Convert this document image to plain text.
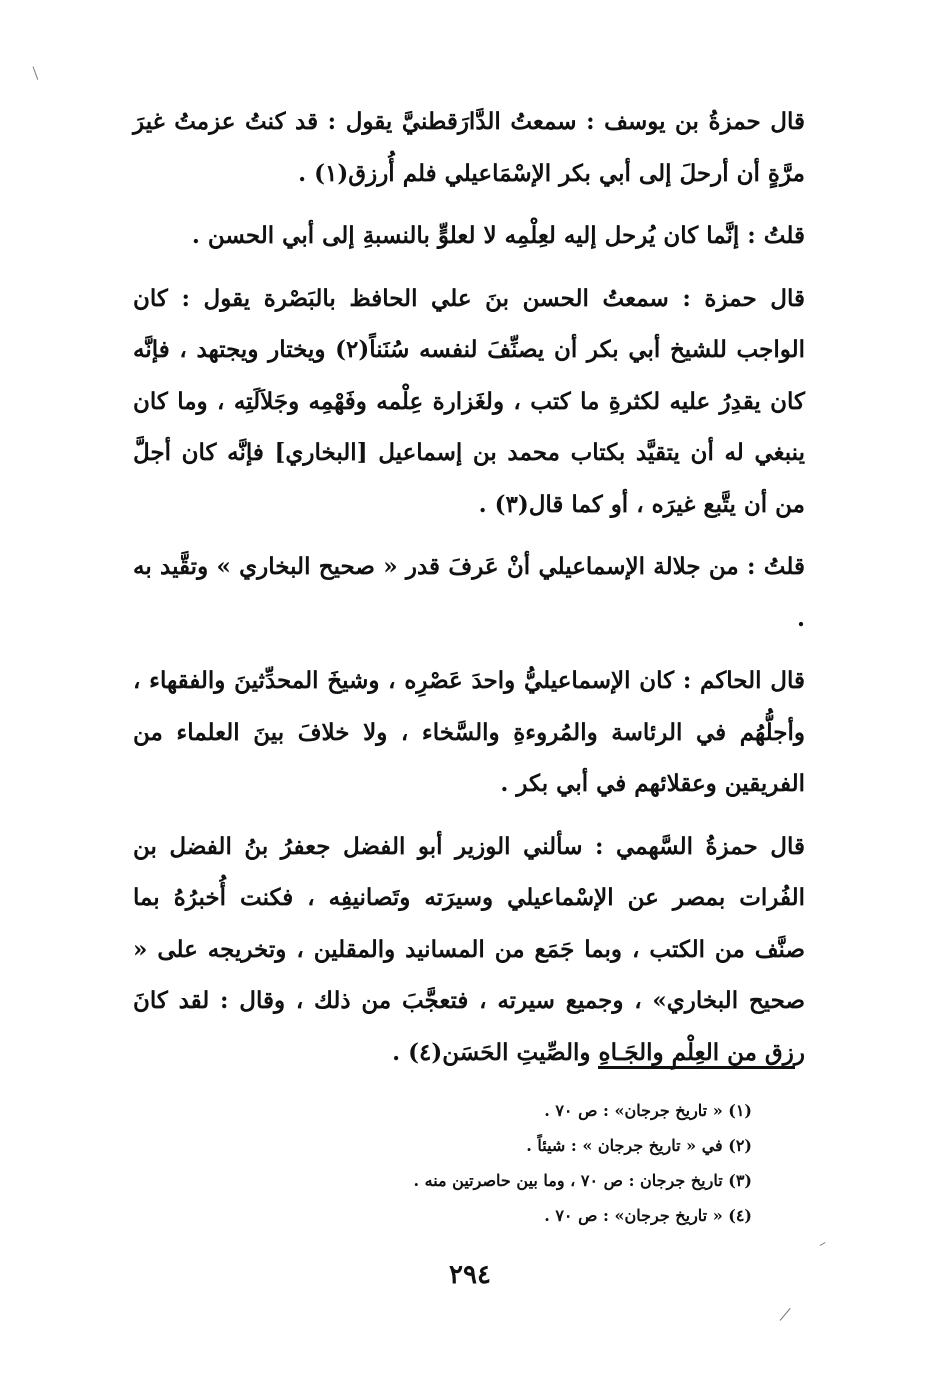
قال حمزةُ بن يوسف : سمعتُ الدَّارَقطنيَّ يقول : قد كنتُ عزمتُ غيرَ مرَّةٍ أن أرحلَ إلى أبي بكر الإسْمَاعيلي فلم أُرزق(١) .

قلتُ : إنَّما كان يُرحل إليه لعِلْمِه لا لعلوٍّ بالنسبةِ إلى أبي الحسن .

قال حمزة : سمعتُ الحسن بنَ علي الحافظ بالبَصْرة يقول : كان الواجب للشيخ أبي بكر أن يصنِّفَ لنفسه سُنَناً(٢) ويختار ويجتهد ، فإنَّه كان يقدِرُ عليه لكثرةِ ما كتب ، ولغَزارة عِلْمه وفَهْمِه وجَلاَلَتِه ، وما كان ينبغي له أن يتقيَّد بكتاب محمد بن إسماعيل [البخاري] فإنَّه كان أجلَّ من أن يتَّبع غيرَه ، أو كما قال(٣) .

قلتُ : من جلالة الإسماعيلي أنْ عَرفَ قدر « صحيح البخاري » وتقَّيد به .

قال الحاكم : كان الإسماعيليُّ واحدَ عَصْرِه ، وشيخَ المحدِّثينَ والفقهاء ، وأجلُّهُم في الرئاسة والمُروءةِ والسَّخاء ، ولا خلافَ بينَ العلماء من الفريقين وعقلائهم في أبي بكر .

قال حمزةُ السَّهمي : سألني الوزير أبو الفضل جعفرُ بنُ الفضل بن الفُرات بمصر عن الإسْماعيلي وسيرَته وتَصانيفِه ، فكنت أُخبرُهُ بما صنَّف من الكتب ، وبما جَمَع من المسانيد والمقلين ، وتخريجه على « صحيح البخاري» ، وجميع سيرته ، فتعجَّبَ من ذلك ، وقال : لقد كانَ رزق من العِلْمِ والجَـاهِ والصِّيتِ الحَسَن(٤) .

(١) « تاريخ جرجان» : ص ٧٠ .

(٢) في « تاريخ جرجان » : شيئاً .

(٣) تاريخ جرجان : ص ٧٠ ، وما بين حاصرتين منه .

(٤) « تاريخ جرجان» : ص ٧٠ .

٢٩٤
